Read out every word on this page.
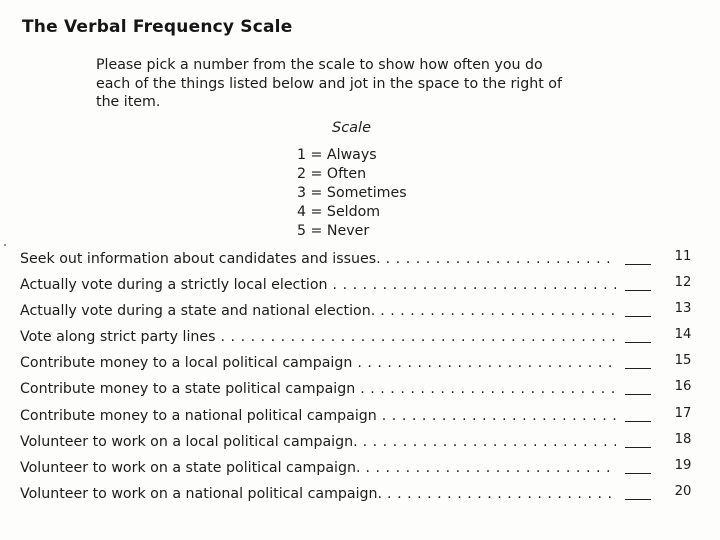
The Verbal Frequency Scale
Please pick a number from the scale to show how often you do
each of the things listed below and jot in the space to the right of
the item.
Scale
1 = Always
2 = Often
3 = Sometimes
4 = Seldom
5 = Never
Seek out information about candidates and issues. . . .	11
Actually vote during a strictly local election . . .	12
Actually vote during a state and national election. . . .	13
Vote along strict party lines . . .	14
Contribute money to a local political campaign . . .	15
Contribute money to a state political campaign . . .	16
Contribute money to a national political campaign . . .	17
Volunteer to work on a local political campaign. . . .	18
Volunteer to work on a state political campaign. . . .	19
Volunteer to work on a national political campaign. . . .	20
